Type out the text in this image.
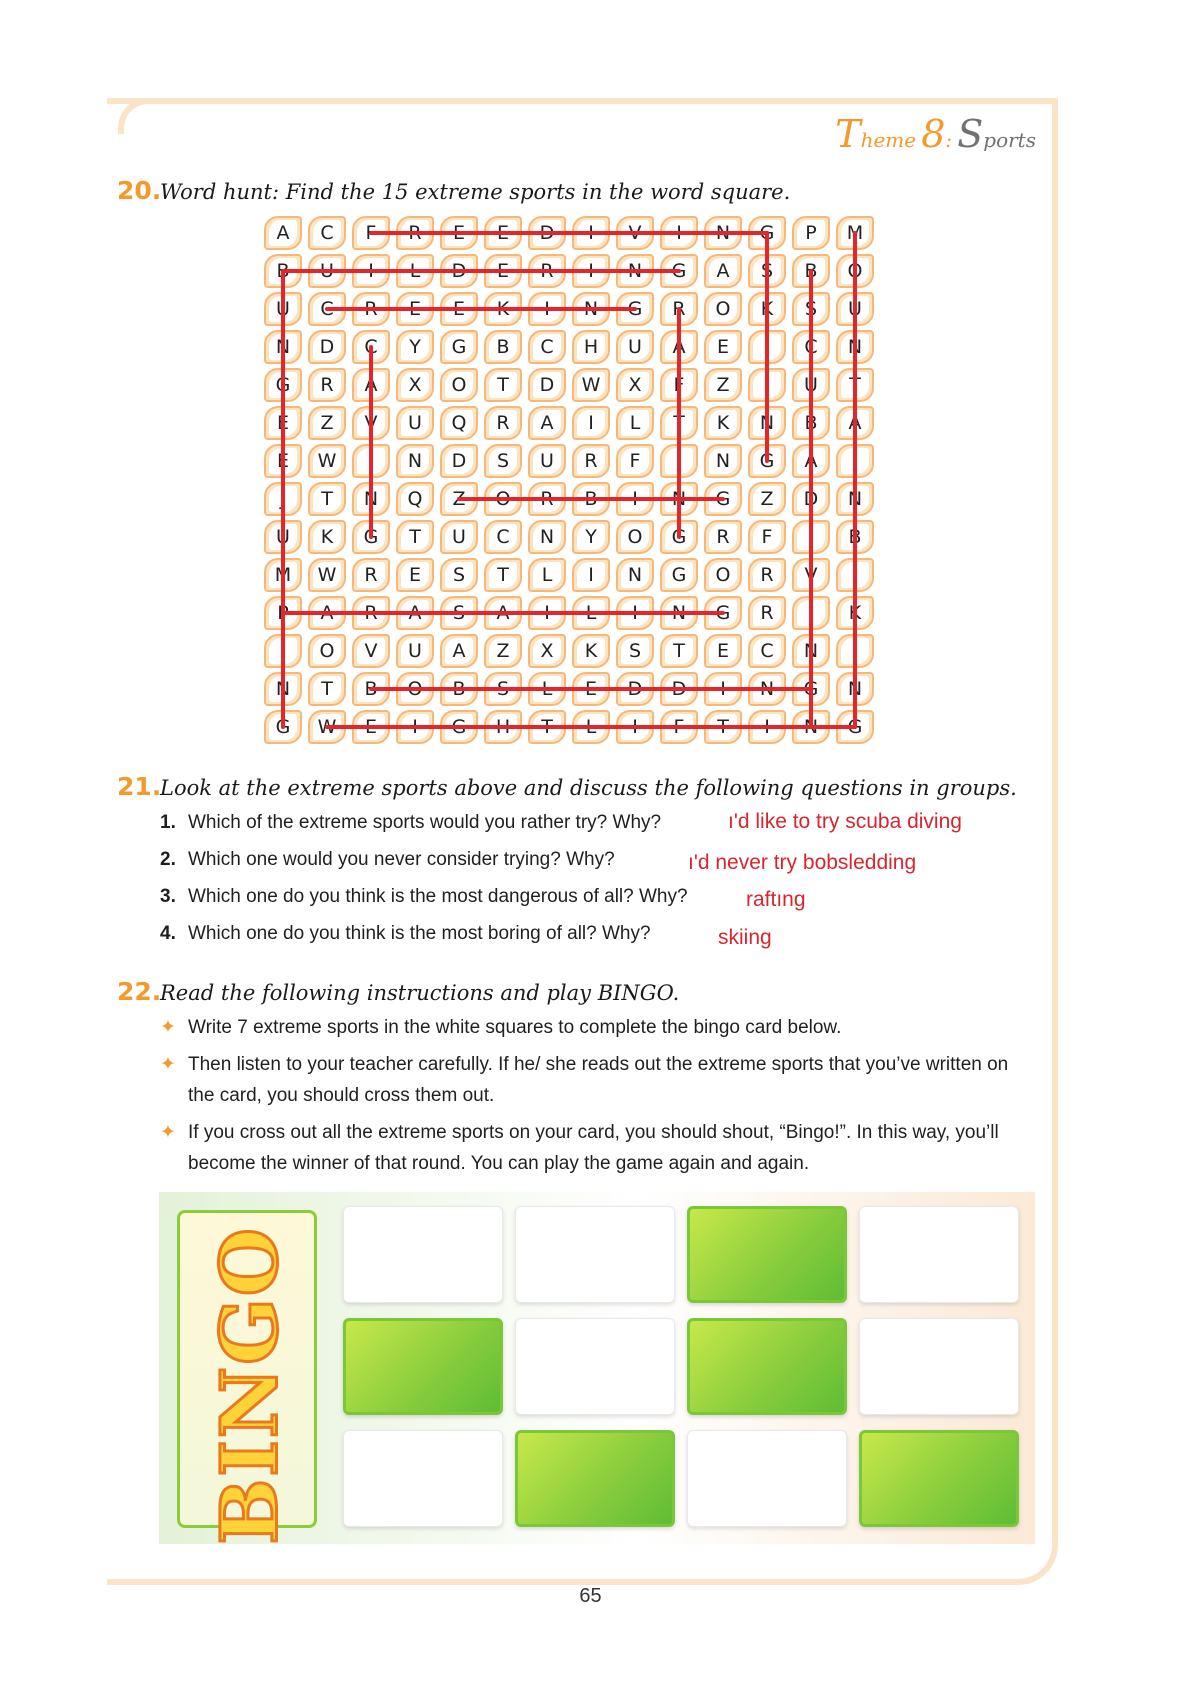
Theme 8: Sports
20.
Word hunt: Find the 15 extreme sports in the word square.
A	C	F	R	E	E	D	I	V	I	N	G	P	M
B	U	I	L	D	E	R	I	N	G	A	S	B	O
U	C	R	E	E	K	I	N	G	R	O	K	S	U
N	D	C	Y	G	B	C	H	U	A	E	I	C	N
G	R	A	X	O	T	D	W	X	F	Z	I	U	T
E	Z	V	U	Q	R	A	I	L	T	K	N	B	A
E	W	I	N	D	S	U	R	F	I	N	G	A	I
J	T	N	Q	Z	O	R	B	I	N	G	Z	D	N
U	K	G	T	U	C	N	Y	O	G	R	F	I	B
M	W	R	E	S	T	L	I	N	G	O	R	V	I
P	A	R	A	S	A	I	L	I	N	G	R	I	K
I	O	V	U	A	Z	X	K	S	T	E	C	N	I
N	T	B	O	B	S	L	E	D	D	I	N	G	N
G	W	E	I	G	H	T	L	I	F	T	I	N	G
21.
Look at the extreme sports above and discuss the following questions in groups.
1. Which of the extreme sports would you rather try? Why?
2. Which one would you never consider trying? Why?
3. Which one do you think is the most dangerous of all? Why?
4. Which one do you think is the most boring of all? Why?
ı'd like to try scuba diving
ı'd never try bobsledding
raftıng
skiing
22.
Read the following instructions and play BINGO.
✦ Write 7 extreme sports in the white squares to complete the bingo card below.
✦ Then listen to your teacher carefully. If he/ she reads out the extreme sports that you’ve written on the card, you should cross them out.
✦ If you cross out all the extreme sports on your card, you should shout, “Bingo!”. In this way, you’ll become the winner of that round. You can play the game again and again.
BINGO
65
